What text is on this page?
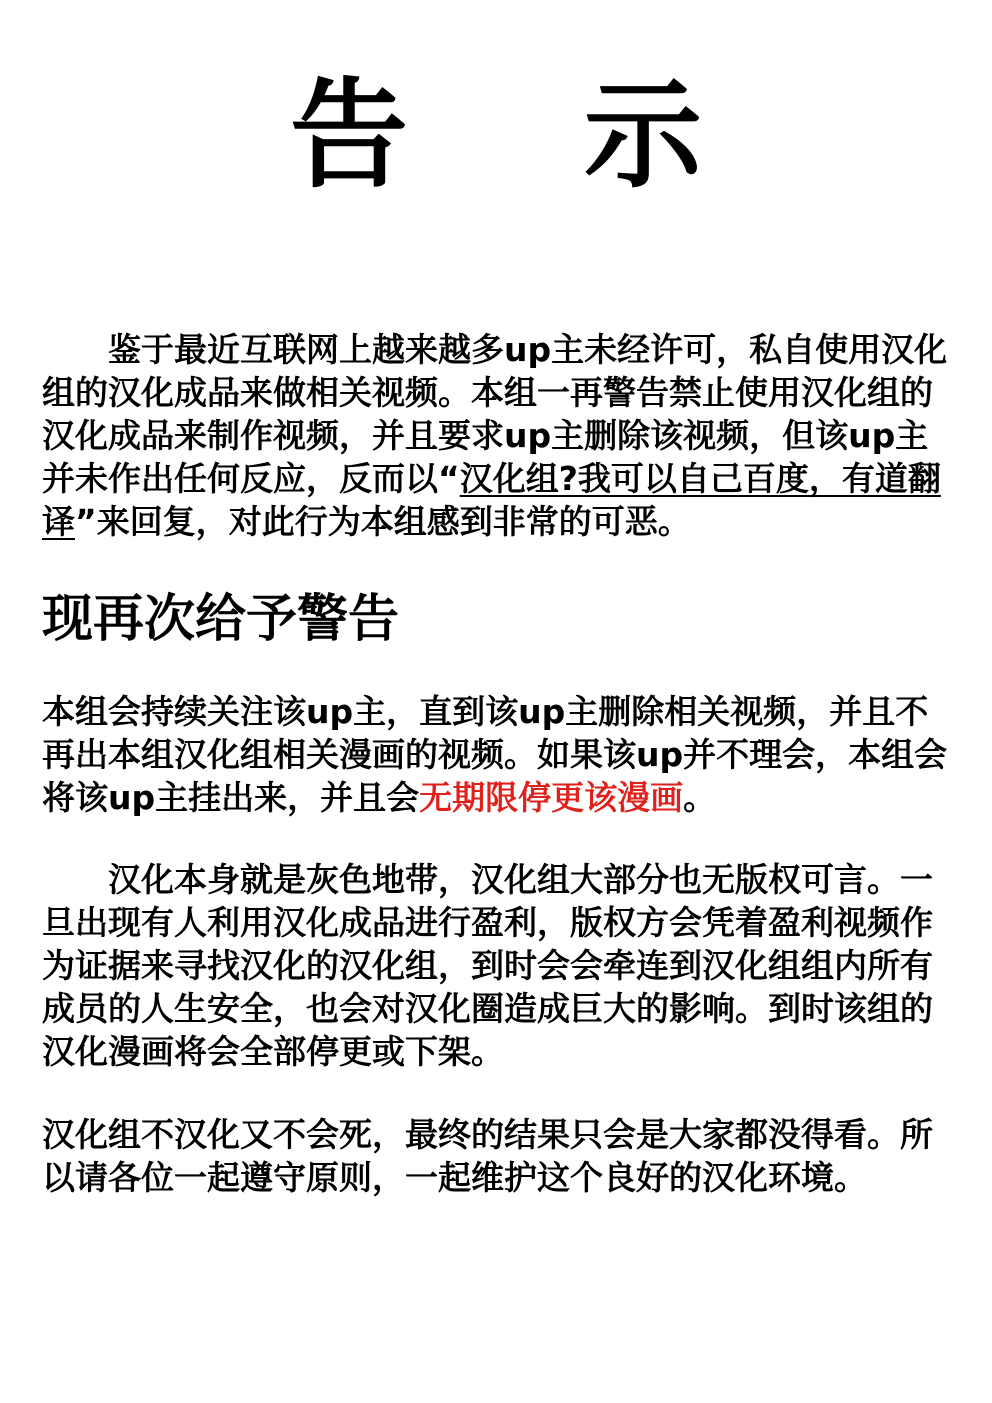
告 示

鉴于最近互联网上越来越多up主未经许可，私自使用汉化组的汉化成品来做相关视频。本组一再警告禁止使用汉化组的汉化成品来制作视频，并且要求up主删除该视频，但该up主并未作出任何反应，反而以“汉化组?我可以自己百度，有道翻译”来回复，对此行为本组感到非常的可恶。

现再次给予警告

本组会持续关注该up主，直到该up主删除相关视频，并且不再出本组汉化组相关漫画的视频。如果该up并不理会，本组会将该up主挂出来，并且会无期限停更该漫画。

汉化本身就是灰色地带，汉化组大部分也无版权可言。一旦出现有人利用汉化成品进行盈利，版权方会凭着盈利视频作为证据来寻找汉化的汉化组，到时会会牵连到汉化组组内所有成员的人生安全，也会对汉化圈造成巨大的影响。到时该组的汉化漫画将会全部停更或下架。

汉化组不汉化又不会死，最终的结果只会是大家都没得看。所以请各位一起遵守原则，一起维护这个良好的汉化环境。
